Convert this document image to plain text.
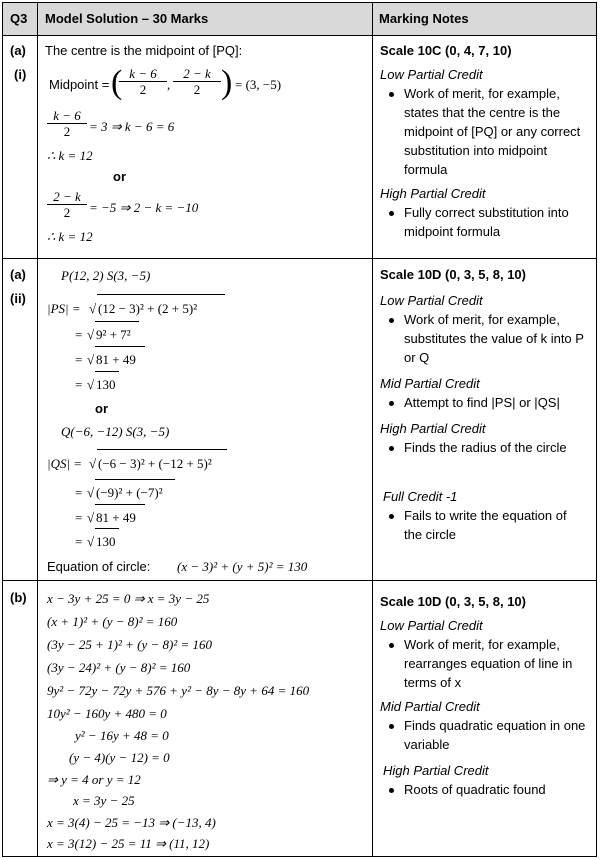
Q3 Model Solution – 30 Marks	Marking Notes
(a)
(i)
The centre is the midpoint of [PQ]:
Midpoint = (
$\frac{k - 6}{2}$ , $\frac{2 - k}{2}$ ) = (3, −5)
$\frac{k - 6}{2} = 3$ ⇒ k − 6 = 6
∴ k = 12
or
$\frac{2 - k}{2} = -5$ ⇒ 2 − k = −10
∴ k = 12
Scale 10C (0, 4, 7, 10)
Low Partial Credit
Work of merit, for example,
states that the centre is the
midpoint of [PQ] or any correct
substitution into midpoint
formula
High Partial Credit
Fully correct substitution into
midpoint formula
(a)
(ii)
P(12, 2) S(3, −5)
|PS| = √ (12 − 3)² + (2 + 5)²
= √ 9² + 7²
= √ 81 + 49
= √ 130
or
Q(−6, −12) S(3, −5)
|QS| = √ (−6 − 3)² + (−12 + 5)²
= √ (−9)² + (−7)²
= √ 81 + 49
= √ 130
Equation of circle: (x − 3)² + (y + 5)² = 130
Scale 10D (0, 3, 5, 8, 10)
Low Partial Credit
Work of merit, for example,
substitutes the value of k into P
or Q
Mid Partial Credit
Attempt to find |PS| or |QS|
High Partial Credit
Finds the radius of the circle
Full Credit -1
Fails to write the equation of
the circle
(b) x − 3y + 25 = 0 ⇒ x = 3y − 25
(x + 1)² + (y − 8)² = 160
(3y − 25 + 1)² + (y − 8)² = 160
(3y − 24)² + (y − 8)² = 160
9y² − 72y − 72y + 576 + y² − 8y − 8y + 64 = 160
10y² − 160y + 480 = 0
y² − 16y + 48 = 0
(y − 4)(y − 12) = 0
⇒ y = 4 or y = 12
x = 3y − 25
x = 3(4) − 25 = −13 ⇒ (−13, 4)
x = 3(12) − 25 = 11 ⇒ (11, 12)
Scale 10D (0, 3, 5, 8, 10)
Low Partial Credit
Work of merit, for example,
rearranges equation of line in
terms of x
Mid Partial Credit
Finds quadratic equation in one
variable
High Partial Credit
Roots of quadratic found
